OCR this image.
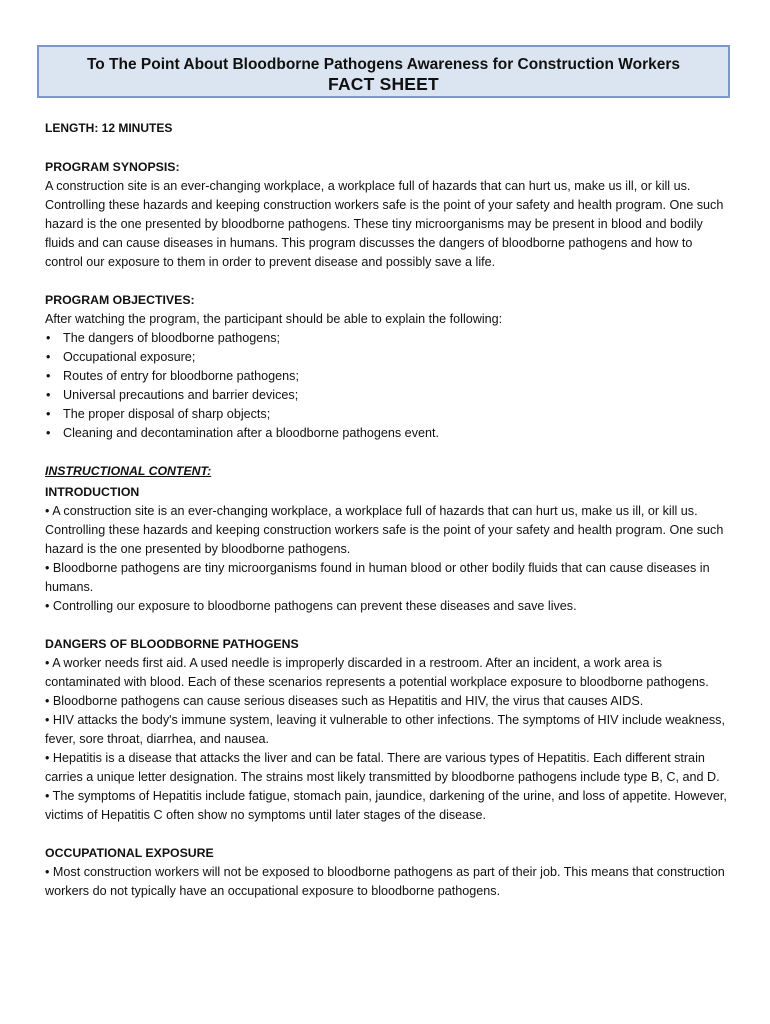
To The Point About Bloodborne Pathogens Awareness for Construction Workers
FACT SHEET

LENGTH: 12 MINUTES

PROGRAM SYNOPSIS:

A construction site is an ever-changing workplace, a workplace full of hazards that can hurt us, make us ill, or kill us. Controlling these hazards and keeping construction workers safe is the point of your safety and health program. One such hazard is the one presented by bloodborne pathogens. These tiny microorganisms may be present in blood and bodily fluids and can cause diseases in humans. This program discusses the dangers of bloodborne pathogens and how to control our exposure to them in order to prevent disease and possibly save a life.

PROGRAM OBJECTIVES:

After watching the program, the participant should be able to explain the following:

• The dangers of bloodborne pathogens;
• Occupational exposure;
• Routes of entry for bloodborne pathogens;
• Universal precautions and barrier devices;
• The proper disposal of sharp objects;
• Cleaning and decontamination after a bloodborne pathogens event.

INSTRUCTIONAL CONTENT:

INTRODUCTION

• A construction site is an ever-changing workplace, a workplace full of hazards that can hurt us, make us ill, or kill us. Controlling these hazards and keeping construction workers safe is the point of your safety and health program. One such hazard is the one presented by bloodborne pathogens.

• Bloodborne pathogens are tiny microorganisms found in human blood or other bodily fluids that can cause diseases in humans.

• Controlling our exposure to bloodborne pathogens can prevent these diseases and save lives.

DANGERS OF BLOODBORNE PATHOGENS

• A worker needs first aid. A used needle is improperly discarded in a restroom. After an incident, a work area is contaminated with blood. Each of these scenarios represents a potential workplace exposure to bloodborne pathogens.

• Bloodborne pathogens can cause serious diseases such as Hepatitis and HIV, the virus that causes AIDS.

• HIV attacks the body's immune system, leaving it vulnerable to other infections. The symptoms of HIV include weakness, fever, sore throat, diarrhea, and nausea.

• Hepatitis is a disease that attacks the liver and can be fatal. There are various types of Hepatitis. Each different strain carries a unique letter designation. The strains most likely transmitted by bloodborne pathogens include type B, C, and D.

• The symptoms of Hepatitis include fatigue, stomach pain, jaundice, darkening of the urine, and loss of appetite. However, victims of Hepatitis C often show no symptoms until later stages of the disease.

OCCUPATIONAL EXPOSURE

• Most construction workers will not be exposed to bloodborne pathogens as part of their job. This means that construction workers do not typically have an occupational exposure to bloodborne pathogens.
